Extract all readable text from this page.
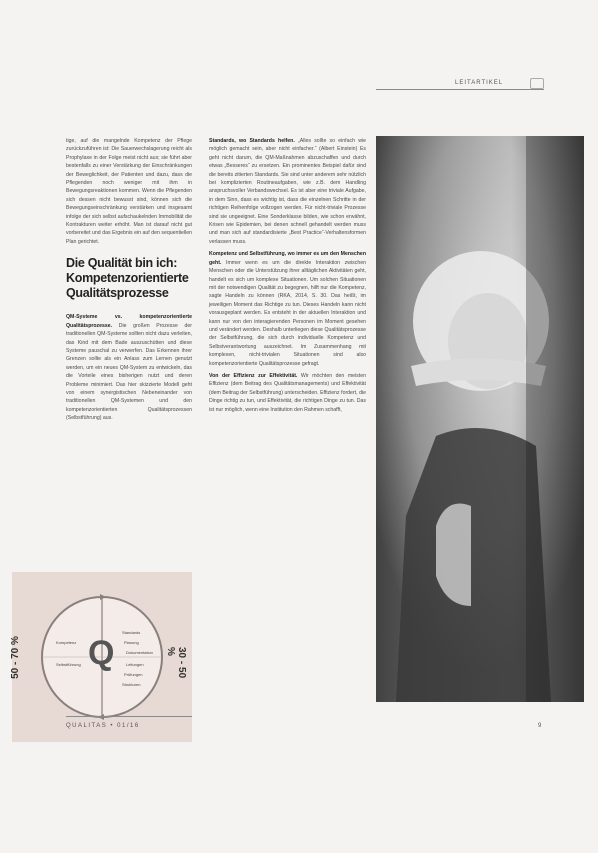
LEITARTIKEL

tige, auf die mangelnde Kompetenz der Pflege zurückzuführen ist: Die Sauerwechslagerung reicht als Prophylaxe in der Folge meist nicht aus; sie führt aber bestenfalls zu einer Verstärkung der Einschränkungen der Beweglichkeit, der Patienten und dazu, dass die Pflegenden noch weniger mit ihm in Bewegungsreaktionen kommen. Wenn die Pflegenden sich dessen nicht bewusst sind, können sich die Bewegungseinschränkung verstärken und insgesamt infolge der sich selbst aufschaukelnden Immobilität die Kontrakturen weiter erhöht. Man ist darauf nicht gut vorbereitet und das Ergebnis ein auf den sequentiellen Plan gerichtet.

Die Qualität bin ich: Kompetenzorientierte Qualitätsprozesse

QM-Systeme vs. kompetenzorientierte Qualitätsprozesse. Die großen Prozesse der traditionellen QM-Systeme sollten nicht dazu verleiten, das Kind mit dem Bade auszuschütten und diese Systeme pauschal zu verwerfen. Das Erkennen ihrer Grenzen sollte als ein Anlass zum Lernen genutzt werden, um ein neues QM-System zu entwickeln, das die Vorteile eines bisherigen nutzt und deren Probleme minimiert. Das hier skizzierte Modell geht von einem synergistischen Nebeneinander von traditionellen QM-Systemen und den kompetenzorientierten Qualitätsprozessen (Selbstführung) aus.

Standards, wo Standards helfen. „Alles sollte so einfach wie möglich gemacht sein, aber nicht einfacher.“ (Albert Einstein) Es geht nicht darum, die QM-Maßnahmen abzuschaffen und durch etwas „Besseres“ zu ersetzen. Ein prominentes Beispiel dafür sind die bereits zitierten Standards. Sie sind unter anderem sehr nützlich bei komplizierten Routineaufgaben, wie z.B. dem Handling anspruchsvoller Verbandswechsel. Es ist aber eine triviale Aufgabe, in dem Sinn, dass es wichtig ist, dass die einzelnen Schritte in der richtigen Reihenfolge vollzogen werden. Für nicht-triviale Prozesse sind sie ungeeignet. Eine Sonderklasse bilden, wie schon erwähnt, Krisen wie Epidemien, bei denen schnell gehandelt werden muss und man sich auf standardisierte „Best Practice“-Verhaltensformen verlassen muss.

Kompetenz und Selbstführung, wo immer es um den Menschen geht. Immer wenn es um die direkte Interaktion zwischen Menschen oder die Unterstützung ihrer alltäglichen Aktivitäten geht, handelt es sich um komplexe Situationen. Um solchen Situationen mit der notwendigen Qualität zu begegnen, hilft nur die Kompetenz, sagte Handeln zu können (RKA, 2014, S. 30. Das heißt, im jeweiligen Moment das Richtige zu tun. Dieses Handeln kann nicht vorausgeplant werden. Es entsteht in der aktuellen Interaktion und kann nur von den interagierenden Personen im Moment gesehen und verändert werden. Deshalb unterliegen diese Qualitätsprozesse der Selbstführung, die sich durch individuelle Kompetenz und Selbstverantwortung auszeichnet. Im Zusammenhang mit komplexen, nicht-trivialen Situationen sind also kompetenzorientierte Qualitätsprozesse gefragt.

Von der Effizienz zur Effektivität. Wir möchten den meisten Effizienz (dem Beitrag des Qualitätsmanagements) und Effektivität (dem Beitrag der Selbstführung) unterscheiden. Effizienz fordert, die Dinge richtig zu tun, und Effektivität, die richtigen Dinge zu tun. Das ist nur möglich, wenn eine Institution den Rahmen schafft,

Q
50 - 70 %	30 - 50 %
Kompetenz
Selbstführung
Standards
Planung
Dokumentation
Leitungen
Prüfungen
Strukturen
QUALITAS • 01/16	9
